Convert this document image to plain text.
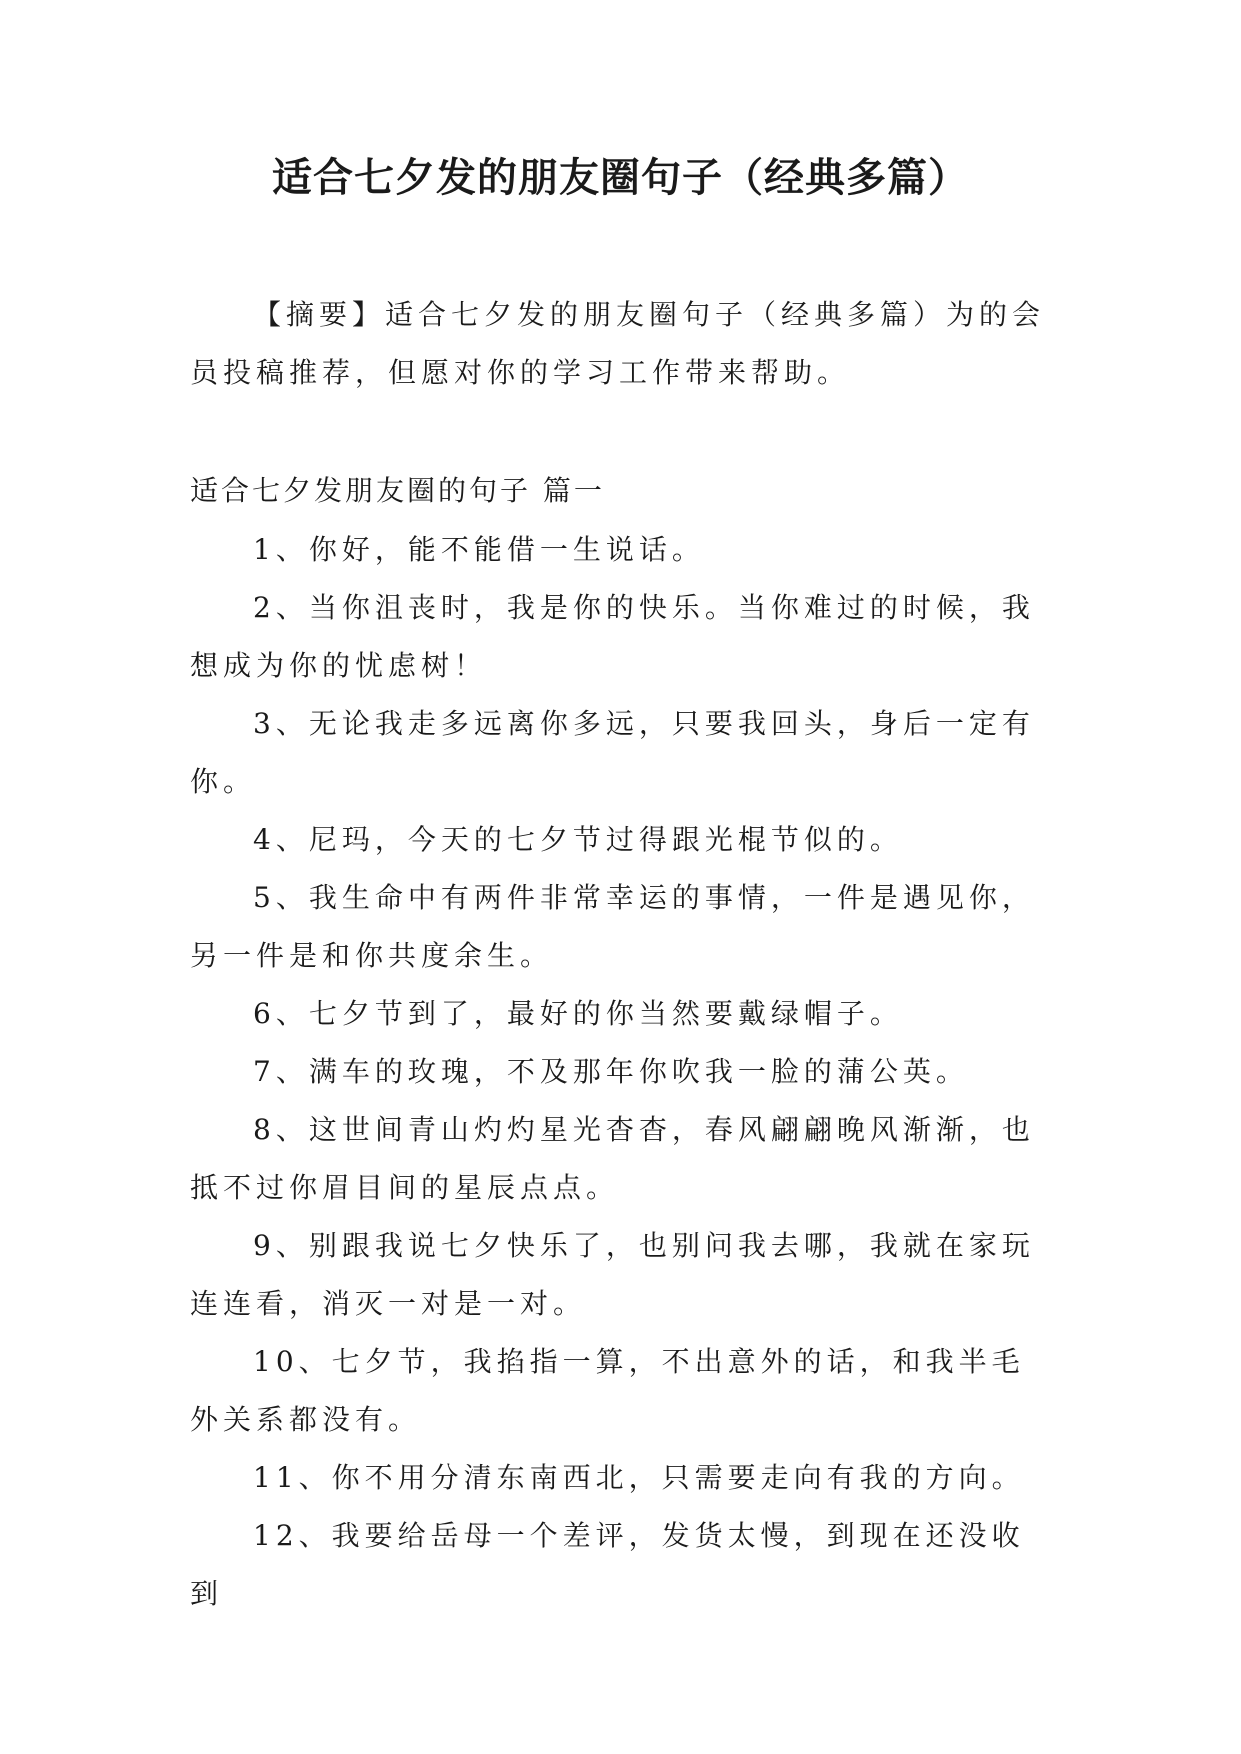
适合七夕发的朋友圈句子（经典多篇）

【摘要】适合七夕发的朋友圈句子（经典多篇）为的会员投稿推荐，但愿对你的学习工作带来帮助。

适合七夕发朋友圈的句子 篇一
1、你好，能不能借一生说话。
2、当你沮丧时，我是你的快乐。当你难过的时候，我想成为你的忧虑树！
3、无论我走多远离你多远，只要我回头，身后一定有你。
4、尼玛，今天的七夕节过得跟光棍节似的。
5、我生命中有两件非常幸运的事情，一件是遇见你，另一件是和你共度余生。
6、七夕节到了，最好的你当然要戴绿帽子。
7、满车的玫瑰，不及那年你吹我一脸的蒲公英。
8、这世间青山灼灼星光杳杳，春风翩翩晚风渐渐，也抵不过你眉目间的星辰点点。
9、别跟我说七夕快乐了，也别问我去哪，我就在家玩连连看，消灭一对是一对。
10、七夕节，我掐指一算，不出意外的话，和我半毛外关系都没有。
11、你不用分清东南西北，只需要走向有我的方向。
12、我要给岳母一个差评，发货太慢，到现在还没收到
